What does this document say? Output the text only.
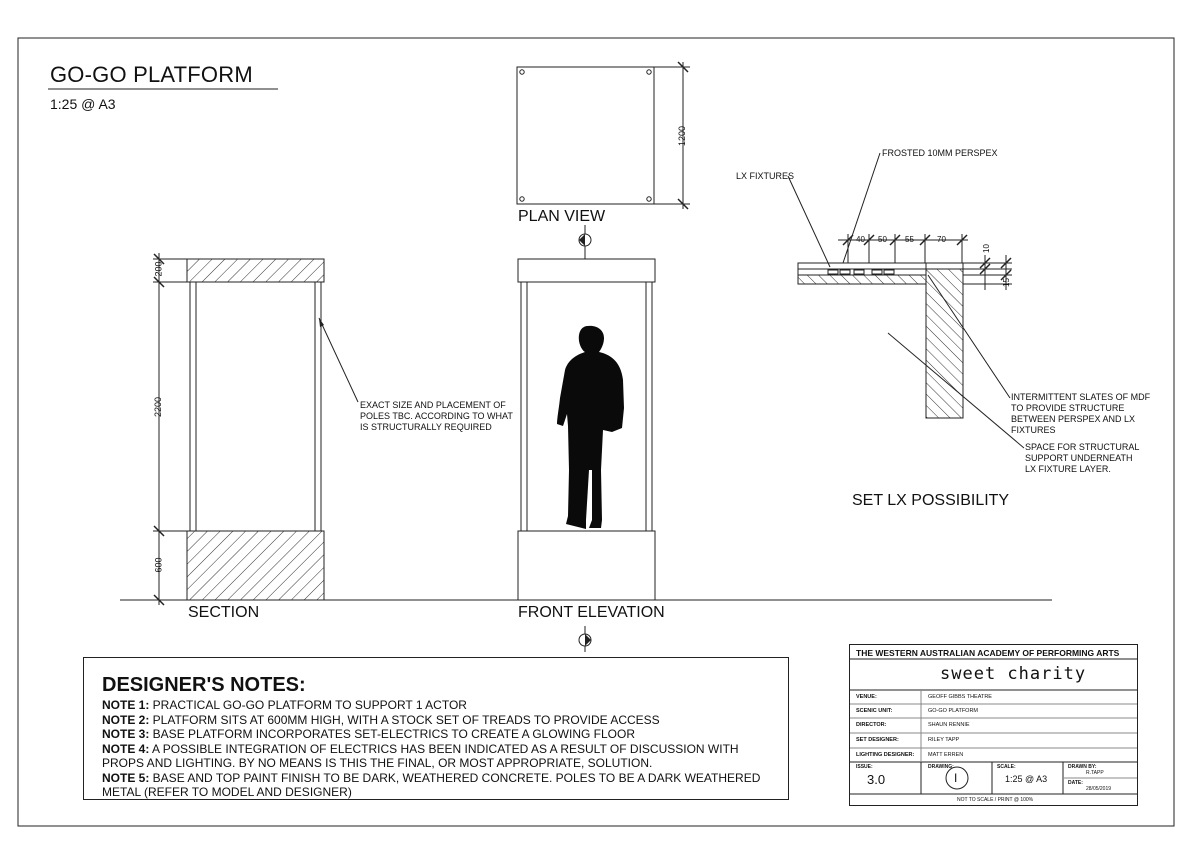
GO-GO PLATFORM
1:25 @ A3
PLAN VIEW
SECTION	FRONT ELEVATION
SET LX POSSIBILITY
1200
200
2200
600
40 50 55	70
10
15
EXACT SIZE AND PLACEMENT OF POLES TBC. ACCORDING TO WHAT IS STRUCTURALLY REQUIRED
LX FIXTURES
FROSTED 10MM PERSPEX
INTERMITTENT SLATES OF MDF TO PROVIDE STRUCTURE BETWEEN PERSPEX AND LX FIXTURES
SPACE FOR STRUCTURAL SUPPORT UNDERNEATH LX FIXTURE LAYER.
DESIGNER'S NOTES:
NOTE 1: PRACTICAL GO-GO PLATFORM TO SUPPORT 1 ACTOR
NOTE 2: PLATFORM SITS AT 600MM HIGH, WITH A STOCK SET OF TREADS TO PROVIDE ACCESS
NOTE 3: BASE PLATFORM INCORPORATES SET-ELECTRICS TO CREATE A GLOWING FLOOR
NOTE 4: A POSSIBLE INTEGRATION OF ELECTRICS HAS BEEN INDICATED AS A RESULT OF DISCUSSION WITH PROPS AND LIGHTING. BY NO MEANS IS THIS THE FINAL, OR MOST APPROPRIATE, SOLUTION.
NOTE 5: BASE AND TOP PAINT FINISH TO BE DARK, WEATHERED CONCRETE. POLES TO BE A DARK WEATHERED METAL (REFER TO MODEL AND DESIGNER)
THE WESTERN AUSTRALIAN ACADEMY OF PERFORMING ARTS
sweet charity
VENUE:	GEOFF GIBBS THEATRE
SCENIC UNIT:	GO-GO PLATFORM
DIRECTOR:	SHAUN RENNIE
SET DESIGNER:	RILEY TAPP
LIGHTING DESIGNER: MATT ERREN
ISSUE:
3.0
DRAWING:
I
SCALE:
1:25 @ A3
DRAWN BY:
R.TAPP
DATE:
28/05/2019
NOT TO SCALE / PRINT @ 100%
